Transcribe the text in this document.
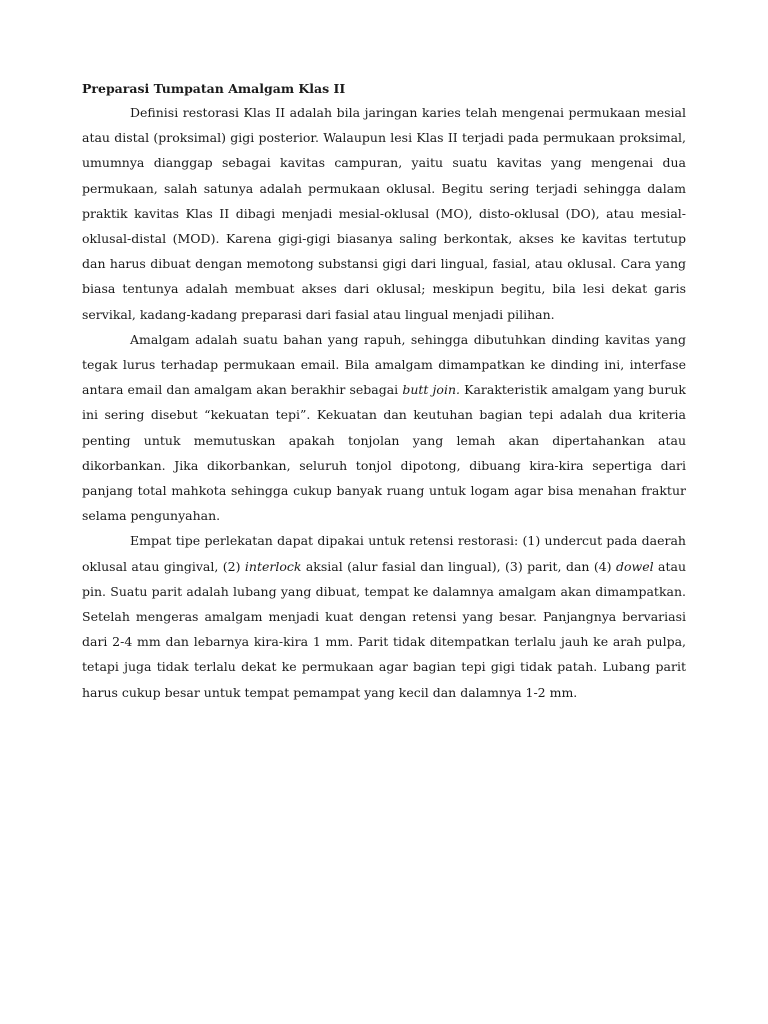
Preparasi Tumpatan Amalgam Klas II

Definisi restorasi Klas II adalah bila jaringan karies telah mengenai permukaan mesial atau distal (proksimal) gigi posterior. Walaupun lesi Klas II terjadi pada permukaan proksimal, umumnya dianggap sebagai kavitas campuran, yaitu suatu kavitas yang mengenai dua permukaan, salah satunya adalah permukaan oklusal. Begitu sering terjadi sehingga dalam praktik kavitas Klas II dibagi menjadi mesial-oklusal (MO), disto-oklusal (DO), atau mesial-oklusal-distal (MOD). Karena gigi-gigi biasanya saling berkontak, akses ke kavitas tertutup dan harus dibuat dengan memotong substansi gigi dari lingual, fasial, atau oklusal. Cara yang biasa tentunya adalah membuat akses dari oklusal; meskipun begitu, bila lesi dekat garis servikal, kadang-kadang preparasi dari fasial atau lingual menjadi pilihan.

Amalgam adalah suatu bahan yang rapuh, sehingga dibutuhkan dinding kavitas yang tegak lurus terhadap permukaan email. Bila amalgam dimampatkan ke dinding ini, interfase antara email dan amalgam akan berakhir sebagai butt join. Karakteristik amalgam yang buruk ini sering disebut “kekuatan tepi”. Kekuatan dan keutuhan bagian tepi adalah dua kriteria penting untuk memutuskan apakah tonjolan yang lemah akan dipertahankan atau dikorbankan. Jika dikorbankan, seluruh tonjol dipotong, dibuang kira-kira sepertiga dari panjang total mahkota sehingga cukup banyak ruang untuk logam agar bisa menahan fraktur selama pengunyahan.

Empat tipe perlekatan dapat dipakai untuk retensi restorasi: (1) undercut pada daerah oklusal atau gingival, (2) interlock aksial (alur fasial dan lingual), (3) parit, dan (4) dowel atau pin. Suatu parit adalah lubang yang dibuat, tempat ke dalamnya amalgam akan dimampatkan. Setelah mengeras amalgam menjadi kuat dengan retensi yang besar. Panjangnya bervariasi dari 2-4 mm dan lebarnya kira-kira 1 mm. Parit tidak ditempatkan terlalu jauh ke arah pulpa, tetapi juga tidak terlalu dekat ke permukaan agar bagian tepi gigi tidak patah. Lubang parit harus cukup besar untuk tempat pemampat yang kecil dan dalamnya 1-2 mm.
